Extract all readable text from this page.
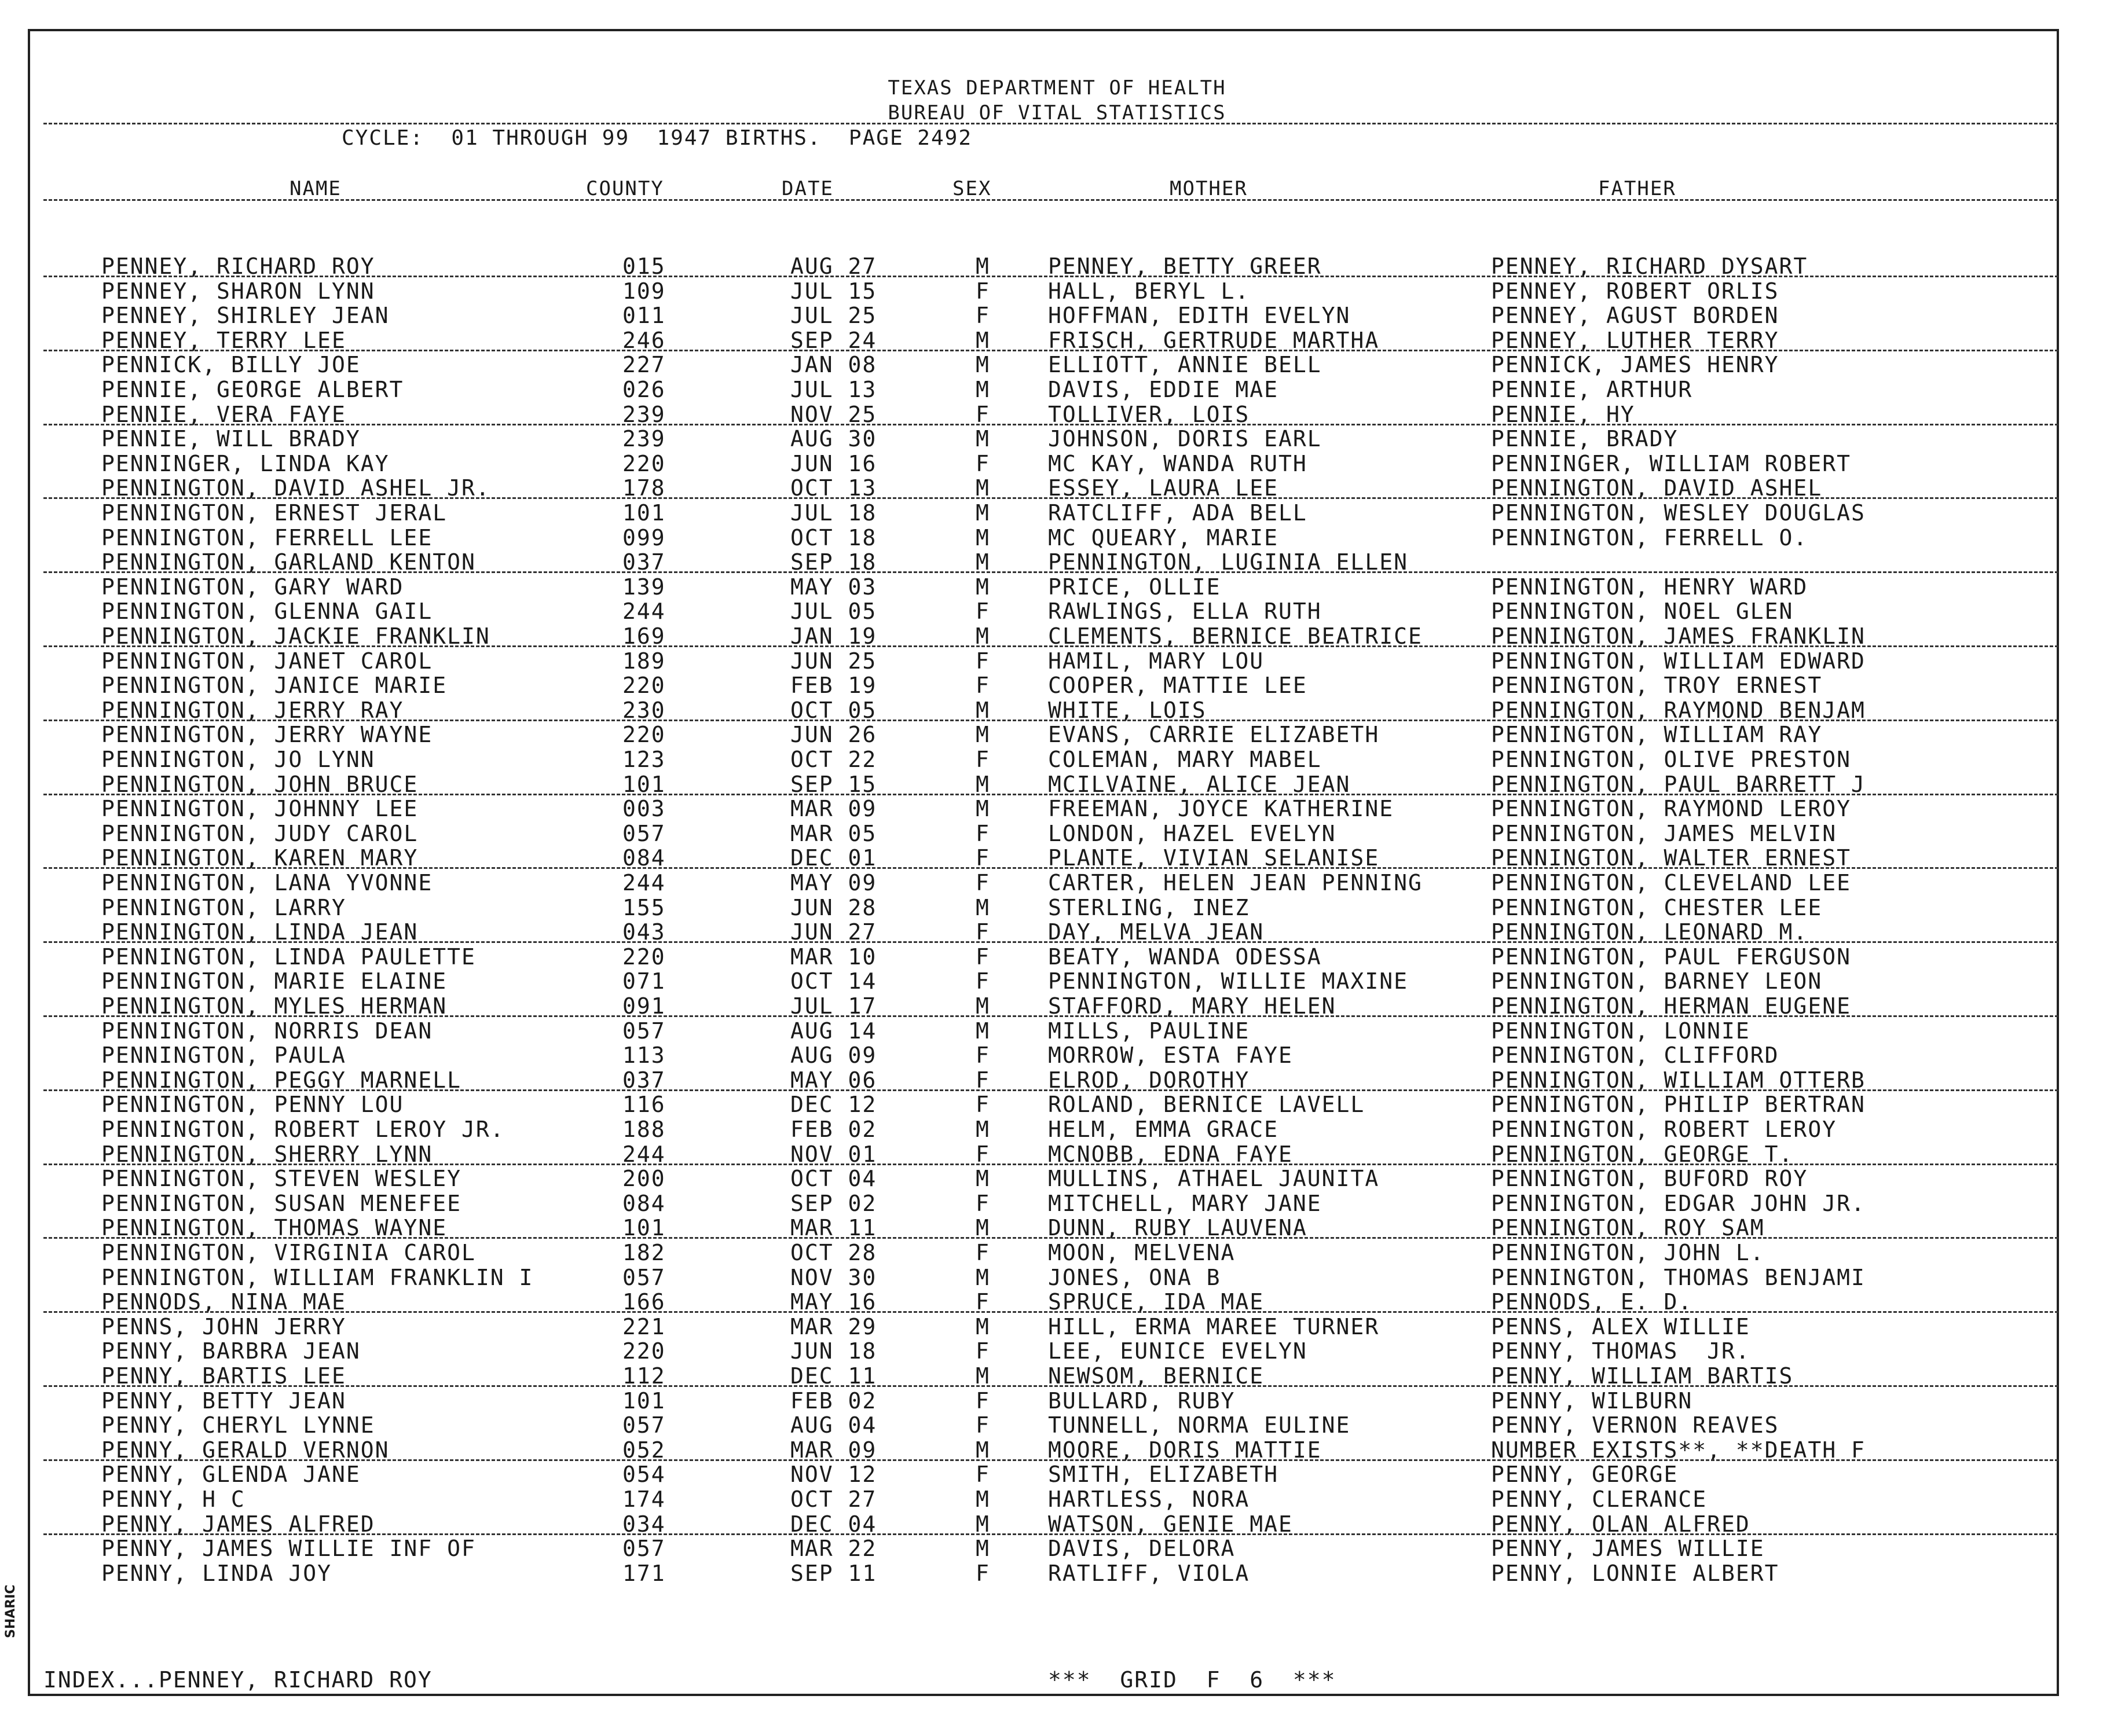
TEXAS DEPARTMENT OF HEALTH
BUREAU OF VITAL STATISTICS
CYCLE:  01 THROUGH 99  1947 BIRTHS.  PAGE 2492
NAME	COUNTY	DATE	SEX	MOTHER	FATHER
PENNEY, RICHARD ROY	015	AUG 27	M	PENNEY, BETTY GREER	PENNEY, RICHARD DYSART
PENNEY, SHARON LYNN	109	JUL 15	F	HALL, BERYL L.	PENNEY, ROBERT ORLIS
PENNEY, SHIRLEY JEAN	011	JUL 25	F	HOFFMAN, EDITH EVELYN	PENNEY, AGUST BORDEN
PENNEY, TERRY LEE	246	SEP 24	M	FRISCH, GERTRUDE MARTHA	PENNEY, LUTHER TERRY
PENNICK, BILLY JOE	227	JAN 08	M	ELLIOTT, ANNIE BELL	PENNICK, JAMES HENRY
PENNIE, GEORGE ALBERT	026	JUL 13	M	DAVIS, EDDIE MAE	PENNIE, ARTHUR
PENNIE, VERA FAYE	239	NOV 25	F	TOLLIVER, LOIS	PENNIE, HY
PENNIE, WILL BRADY	239	AUG 30	M	JOHNSON, DORIS EARL	PENNIE, BRADY
PENNINGER, LINDA KAY	220	JUN 16	F	MC KAY, WANDA RUTH	PENNINGER, WILLIAM ROBERT
PENNINGTON, DAVID ASHEL JR.	178	OCT 13	M	ESSEY, LAURA LEE	PENNINGTON, DAVID ASHEL
PENNINGTON, ERNEST JERAL	101	JUL 18	M	RATCLIFF, ADA BELL	PENNINGTON, WESLEY DOUGLAS
PENNINGTON, FERRELL LEE	099	OCT 18	M	MC QUEARY, MARIE	PENNINGTON, FERRELL O.
PENNINGTON, GARLAND KENTON	037	SEP 18	M	PENNINGTON, LUGINIA ELLEN
PENNINGTON, GARY WARD	139	MAY 03	M	PRICE, OLLIE	PENNINGTON, HENRY WARD
PENNINGTON, GLENNA GAIL	244	JUL 05	F	RAWLINGS, ELLA RUTH	PENNINGTON, NOEL GLEN
PENNINGTON, JACKIE FRANKLIN	169	JAN 19	M	CLEMENTS, BERNICE BEATRICE	PENNINGTON, JAMES FRANKLIN
PENNINGTON, JANET CAROL	189	JUN 25	F	HAMIL, MARY LOU	PENNINGTON, WILLIAM EDWARD
PENNINGTON, JANICE MARIE	220	FEB 19	F	COOPER, MATTIE LEE	PENNINGTON, TROY ERNEST
PENNINGTON, JERRY RAY	230	OCT 05	M	WHITE, LOIS	PENNINGTON, RAYMOND BENJAM
PENNINGTON, JERRY WAYNE	220	JUN 26	M	EVANS, CARRIE ELIZABETH	PENNINGTON, WILLIAM RAY
PENNINGTON, JO LYNN	123	OCT 22	F	COLEMAN, MARY MABEL	PENNINGTON, OLIVE PRESTON
PENNINGTON, JOHN BRUCE	101	SEP 15	M	MCILVAINE, ALICE JEAN	PENNINGTON, PAUL BARRETT J
PENNINGTON, JOHNNY LEE	003	MAR 09	M	FREEMAN, JOYCE KATHERINE	PENNINGTON, RAYMOND LEROY
PENNINGTON, JUDY CAROL	057	MAR 05	F	LONDON, HAZEL EVELYN	PENNINGTON, JAMES MELVIN
PENNINGTON, KAREN MARY	084	DEC 01	F	PLANTE, VIVIAN SELANISE	PENNINGTON, WALTER ERNEST
PENNINGTON, LANA YVONNE	244	MAY 09	F	CARTER, HELEN JEAN PENNING	PENNINGTON, CLEVELAND LEE
PENNINGTON, LARRY	155	JUN 28	M	STERLING, INEZ	PENNINGTON, CHESTER LEE
PENNINGTON, LINDA JEAN	043	JUN 27	F	DAY, MELVA JEAN	PENNINGTON, LEONARD M.
PENNINGTON, LINDA PAULETTE	220	MAR 10	F	BEATY, WANDA ODESSA	PENNINGTON, PAUL FERGUSON
PENNINGTON, MARIE ELAINE	071	OCT 14	F	PENNINGTON, WILLIE MAXINE	PENNINGTON, BARNEY LEON
PENNINGTON, MYLES HERMAN	091	JUL 17	M	STAFFORD, MARY HELEN	PENNINGTON, HERMAN EUGENE
PENNINGTON, NORRIS DEAN	057	AUG 14	M	MILLS, PAULINE	PENNINGTON, LONNIE
PENNINGTON, PAULA	113	AUG 09	F	MORROW, ESTA FAYE	PENNINGTON, CLIFFORD
PENNINGTON, PEGGY MARNELL	037	MAY 06	F	ELROD, DOROTHY	PENNINGTON, WILLIAM OTTERB
PENNINGTON, PENNY LOU	116	DEC 12	F	ROLAND, BERNICE LAVELL	PENNINGTON, PHILIP BERTRAN
PENNINGTON, ROBERT LEROY JR.	188	FEB 02	M	HELM, EMMA GRACE	PENNINGTON, ROBERT LEROY
PENNINGTON, SHERRY LYNN	244	NOV 01	F	MCNOBB, EDNA FAYE	PENNINGTON, GEORGE T.
PENNINGTON, STEVEN WESLEY	200	OCT 04	M	MULLINS, ATHAEL JAUNITA	PENNINGTON, BUFORD ROY
PENNINGTON, SUSAN MENEFEE	084	SEP 02	F	MITCHELL, MARY JANE	PENNINGTON, EDGAR JOHN JR.
PENNINGTON, THOMAS WAYNE	101	MAR 11	M	DUNN, RUBY LAUVENA	PENNINGTON, ROY SAM
PENNINGTON, VIRGINIA CAROL	182	OCT 28	F	MOON, MELVENA	PENNINGTON, JOHN L.
PENNINGTON, WILLIAM FRANKLIN I	057	NOV 30	M	JONES, ONA B	PENNINGTON, THOMAS BENJAMI
PENNODS, NINA MAE	166	MAY 16	F	SPRUCE, IDA MAE	PENNODS, E. D.
PENNS, JOHN JERRY	221	MAR 29	M	HILL, ERMA MAREE TURNER	PENNS, ALEX WILLIE
PENNY, BARBRA JEAN	220	JUN 18	F	LEE, EUNICE EVELYN	PENNY, THOMAS  JR.
PENNY, BARTIS LEE	112	DEC 11	M	NEWSOM, BERNICE	PENNY, WILLIAM BARTIS
PENNY, BETTY JEAN	101	FEB 02	F	BULLARD, RUBY	PENNY, WILBURN
PENNY, CHERYL LYNNE	057	AUG 04	F	TUNNELL, NORMA EULINE	PENNY, VERNON REAVES
PENNY, GERALD VERNON	052	MAR 09	M	MOORE, DORIS MATTIE	NUMBER EXISTS**, **DEATH F
PENNY, GLENDA JANE	054	NOV 12	F	SMITH, ELIZABETH	PENNY, GEORGE
PENNY, H C	174	OCT 27	M	HARTLESS, NORA	PENNY, CLERANCE
PENNY, JAMES ALFRED	034	DEC 04	M	WATSON, GENIE MAE	PENNY, OLAN ALFRED
PENNY, JAMES WILLIE INF OF	057	MAR 22	M	DAVIS, DELORA	PENNY, JAMES WILLIE
PENNY, LINDA JOY	171	SEP 11	F	RATLIFF, VIOLA	PENNY, LONNIE ALBERT
INDEX...PENNEY, RICHARD ROY	***  GRID  F  6  ***
SHARIC
